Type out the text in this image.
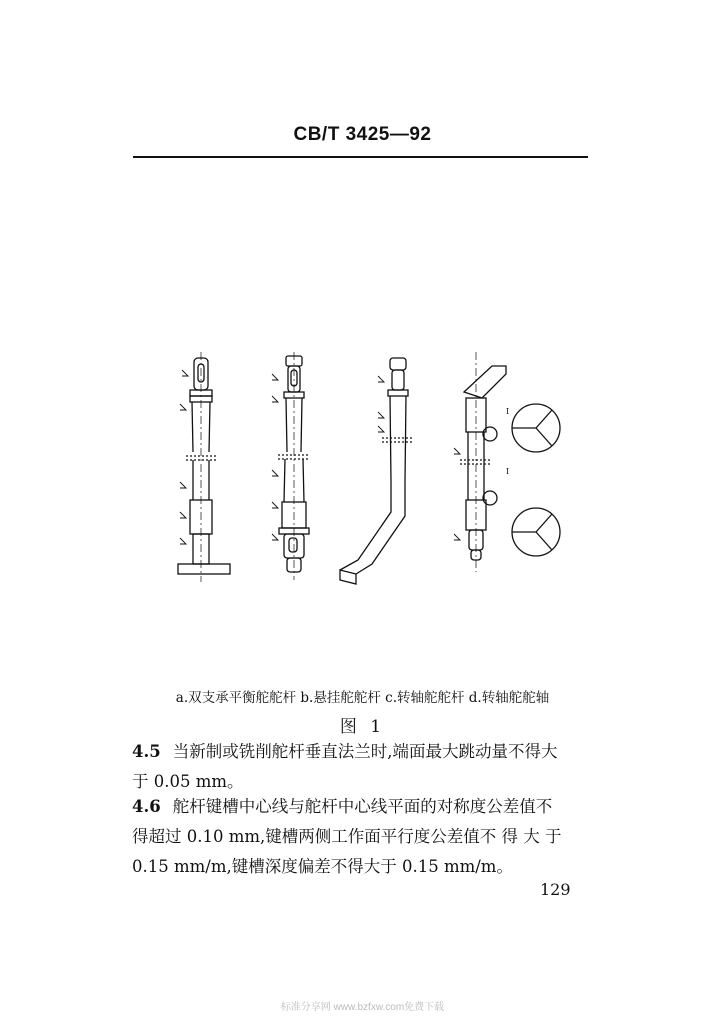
CB/T 3425—92
I
I
a.双支承平衡舵舵杆 b.悬挂舵舵杆 c.转轴舵舵杆 d.转轴舵舵轴
图 1

4.5 当新制或铣削舵杆垂直法兰时,端面最大跳动量不得大

于 0.05 mm。

4.6 舵杆键槽中心线与舵杆中心线平面的对称度公差值不

得超过 0.10 mm,键槽两侧工作面平行度公差值不 得 大 于

0.15 mm/m,键槽深度偏差不得大于 0.15 mm/m。

129
标准分享网 www.bzfxw.com免费下载
